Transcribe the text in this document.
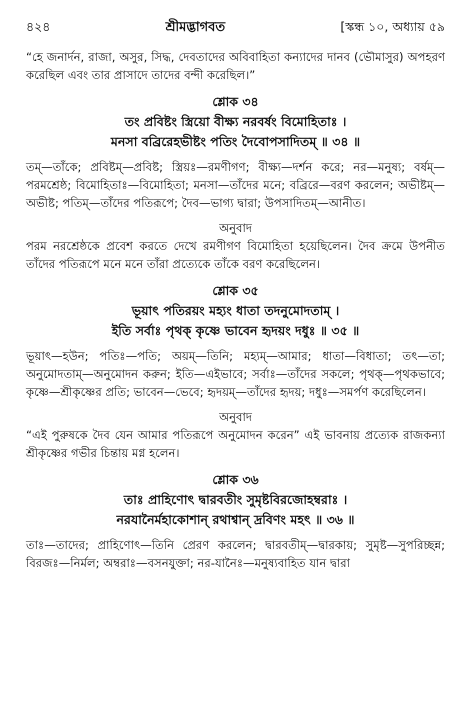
৪২৪	শ্রীমদ্ভাগবত	[স্কন্ধ ১০, অধ্যায় ৫৯

“হে জনার্দন, রাজা, অসুর, সিদ্ধ, দেবতাদের অবিবাহিতা কন্যাদের দানব (ভৌমাসুর) অপহরণ করেছিল এবং তার প্রাসাদে তাদের বন্দী করেছিল।”

শ্লোক ৩৪
তং প্রবিষ্টং স্ত্রিয়ো বীক্ষ্য নরবর্ষং বিমোহিতাঃ ।
মনসা বব্রিরেহভীষ্টং পতিং দৈবোপসাদিতম্ ॥ ৩৪ ॥

তম্—তাঁকে; প্রবিষ্টম্—প্রবিষ্ট; স্ত্রিয়ঃ—রমণীগণ; বীক্ষ্য—দর্শন করে; নর—মনুষ্য; বর্ষম্—পরমশ্রেষ্ঠ; বিমোহিতাঃ—বিমোহিতা; মনসা—তাঁদের মনে; বব্রিরে—বরণ করলেন; অভীষ্টম্—অভীষ্ট; পতিম্—তাঁদের পতিরূপে; দৈব—ভাগ্য দ্বারা; উপসাদিতম্—আনীত।

অনুবাদ

পরম নরশ্রেষ্ঠকে প্রবেশ করতে দেখে রমণীগণ বিমোহিতা হয়েছিলেন। দৈব ক্রমে উপনীত তাঁদের পতিরূপে মনে মনে তাঁরা প্রত্যেকে তাঁকে বরণ করেছিলেন।

শ্লোক ৩৫
ভূয়াৎ পতিরয়ং মহ্যং ধাতা তদনুমোদতাম্ ।
ইতি সর্বাঃ পৃথক্ কৃষ্ণে ভাবেন হৃদয়ং দধুঃ ॥ ৩৫ ॥

ভূয়াৎ—হউন; পতিঃ—পতি; অয়ম্—তিনি; মহ্যম্—আমার; ধাতা—বিধাতা; তৎ—তা; অনুমোদতাম্—অনুমোদন করুন; ইতি—এইভাবে; সর্বাঃ—তাঁদের সকলে; পৃথক্—পৃথকভাবে; কৃষ্ণে—শ্রীকৃষ্ণের প্রতি; ভাবেন—ভেবে; হৃদয়ম্—তাঁদের হৃদয়; দধুঃ—সমর্পণ করেছিলেন।

অনুবাদ

“এই পুরুষকে দৈব যেন আমার পতিরূপে অনুমোদন করেন” এই ভাবনায় প্রত্যেক রাজকন্যা শ্রীকৃষ্ণের গভীর চিন্তায় মগ্ন হলেন।

শ্লোক ৩৬
তাঃ প্রাহিণোৎ দ্বারবতীং সুমৃষ্টবিরজোহম্বরাঃ ।
নরযানৈর্মহাকোশান্ রথাশ্বান্ দ্রবিণং মহৎ ॥ ৩৬ ॥

তাঃ—তাদের; প্রাহিণোৎ—তিনি প্রেরণ করলেন; দ্বারবতীম্—দ্বারকায়; সুমৃষ্ট—সুপরিচ্ছন্ন; বিরজঃ—নির্মল; অম্বরাঃ—বসনযুক্তা; নর-যানৈঃ—মনুষ্যবাহিত যান দ্বারা
